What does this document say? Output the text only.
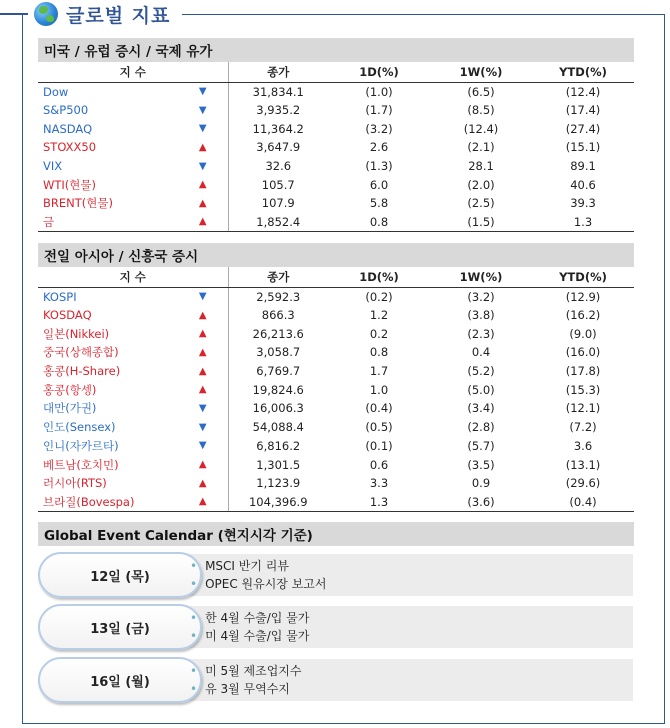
글로벌 지표
미국 / 유럽 증시 / 국제 유가
지 수		종가	1D(%)	1W(%)	YTD(%)
Dow	▼	31,834.1	(1.0)	(6.5)	(12.4)
S&P500	▼	3,935.2	(1.7)	(8.5)	(17.4)
NASDAQ	▼	11,364.2	(3.2)	(12.4)	(27.4)
STOXX50	▲	3,647.9	2.6	(2.1)	(15.1)
VIX	▼	32.6	(1.3)	28.1	89.1
WTI(현물)	▲	105.7	6.0	(2.0)	40.6
BRENT(현물)	▲	107.9	5.8	(2.5)	39.3
금	▲	1,852.4	0.8	(1.5)	1.3
전일 아시아 / 신흥국 증시
지 수		종가	1D(%)	1W(%)	YTD(%)
KOSPI	▼	2,592.3	(0.2)	(3.2)	(12.9)
KOSDAQ	▲	866.3	1.2	(3.8)	(16.2)
일본(Nikkei)	▲	26,213.6	0.2	(2.3)	(9.0)
중국(상해종합)	▲	3,058.7	0.8	0.4	(16.0)
홍콩(H-Share)	▲	6,769.7	1.7	(5.2)	(17.8)
홍콩(항셍)	▲	19,824.6	1.0	(5.0)	(15.3)
대만(가권)	▼	16,006.3	(0.4)	(3.4)	(12.1)
인도(Sensex)	▼	54,088.4	(0.5)	(2.8)	(7.2)
인니(자카르타)	▼	6,816.2	(0.1)	(5.7)	3.6
베트남(호치민)	▲	1,301.5	0.6	(3.5)	(13.1)
러시아(RTS)	▲	1,123.9	3.3	0.9	(29.6)
브라질(Bovespa)	▲	104,396.9	1.3	(3.6)	(0.4)
Global Event Calendar (현지시각 기준)
12일 (목)
• MSCI 반기 리뷰
• OPEC 원유시장 보고서
13일 (금)
• 한 4월 수출/입 물가
• 미 4월 수출/입 물가
16일 (월)
• 미 5월 제조업지수
• 유 3월 무역수지
